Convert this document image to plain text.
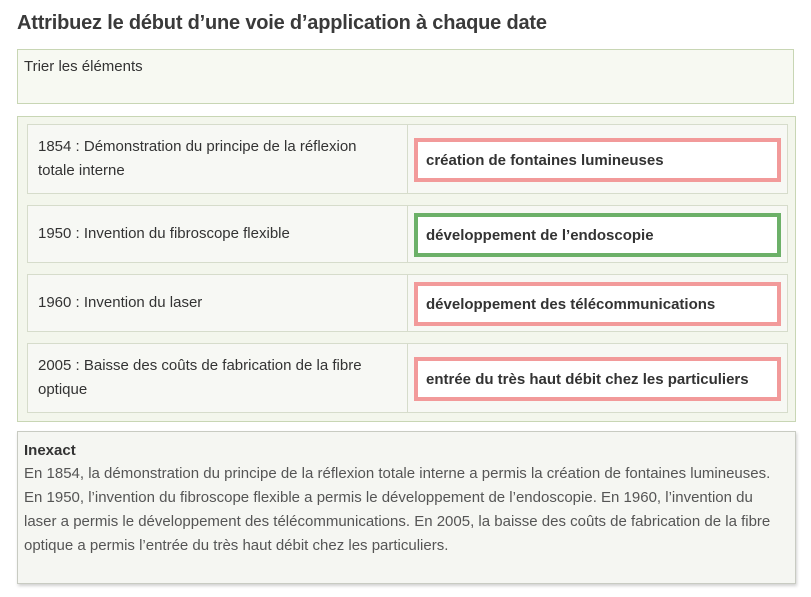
Attribuez le début d’une voie d’application à chaque date
Trier les éléments
1854 : Démonstration du principe de la réflexion totale interne
création de fontaines lumineuses
1950 : Invention du fibroscope flexible	développement de l’endoscopie
1960 : Invention du laser	développement des télécommunications
2005 : Baisse des coûts de fabrication de la fibre optique
entrée du très haut débit chez les particuliers
Inexact
En 1854, la démonstration du principe de la réflexion totale interne a permis la création de fontaines lumineuses. En 1950, l’invention du fibroscope flexible a permis le développement de l’endoscopie. En 1960, l’invention du laser a permis le développement des télécommunications. En 2005, la baisse des coûts de fabrication de la fibre optique a permis l’entrée du très haut débit chez les particuliers.
